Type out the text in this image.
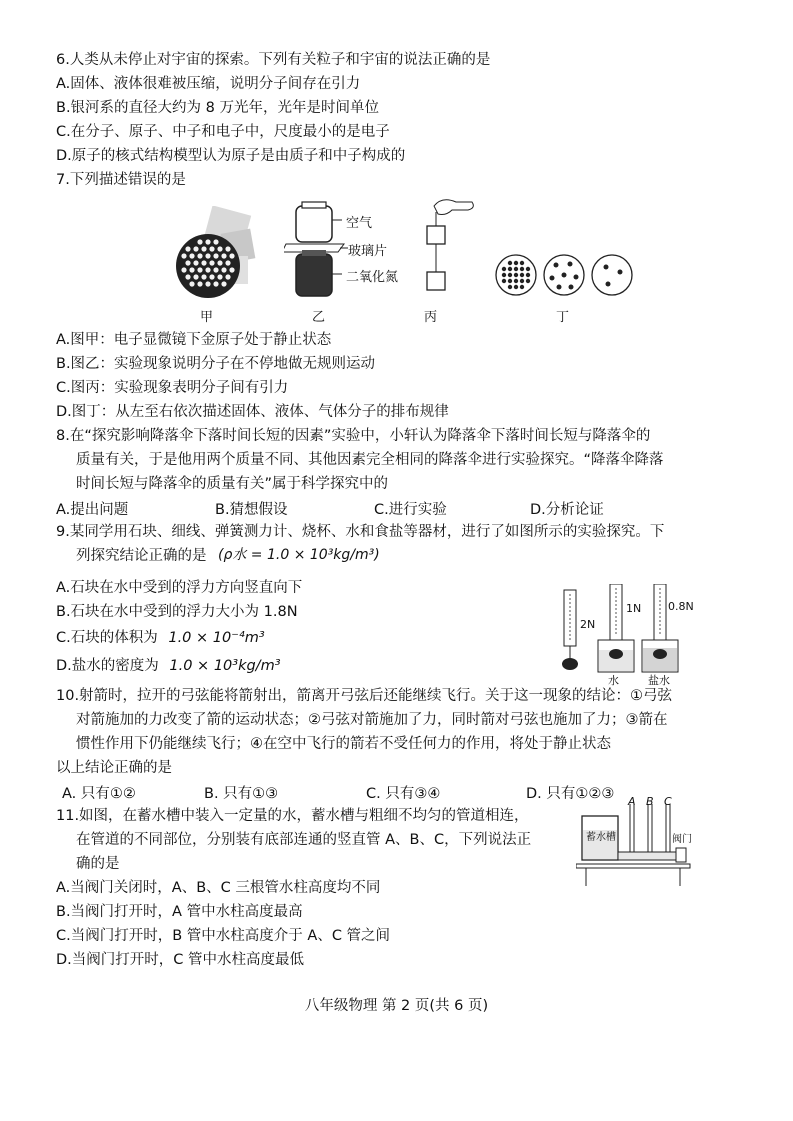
6.人类从未停止对宇宙的探索。下列有关粒子和宇宙的说法正确的是
A.固体、液体很难被压缩，说明分子间存在引力
B.银河系的直径大约为 8 万光年，光年是时间单位
C.在分子、原子、中子和电子中，尺度最小的是电子
D.原子的核式结构模型认为原子是由质子和中子构成的
7.下列描述错误的是
甲
空气
玻璃片
二氧化氮
乙	丙	丁
A.图甲：电子显微镜下金原子处于静止状态
B.图乙：实验现象说明分子在不停地做无规则运动
C.图丙：实验现象表明分子间有引力
D.图丁：从左至右依次描述固体、液体、气体分子的排布规律
8.在“探究影响降落伞下落时间长短的因素”实验中，小轩认为降落伞下落时间长短与降落伞的
质量有关，于是他用两个质量不同、其他因素完全相同的降落伞进行实验探究。“降落伞降落
时间长短与降落伞的质量有关”属于科学探究中的
A.提出问题	B.猜想假设	C.进行实验	D.分析论证
9.某同学用石块、细线、弹簧测力计、烧杯、水和食盐等器材，进行了如图所示的实验探究。下
列探究结论正确的是 (ρ水 = 1.0 × 10³kg/m³)
A.石块在水中受到的浮力方向竖直向下
B.石块在水中受到的浮力大小为 1.8N
C.石块的体积为 1.0 × 10⁻⁴m³
D.盐水的密度为 1.0 × 10³kg/m³
2N
1N 0.8N
水	盐水
10.射箭时，拉开的弓弦能将箭射出，箭离开弓弦后还能继续飞行。关于这一现象的结论：①弓弦
对箭施加的力改变了箭的运动状态；②弓弦对箭施加了力，同时箭对弓弦也施加了力；③箭在
惯性作用下仍能继续飞行；④在空中飞行的箭若不受任何力的作用，将处于静止状态
以上结论正确的是
A. 只有①②	B. 只有①③	C. 只有③④	D. 只有①②③
11.如图，在蓄水槽中装入一定量的水，蓄水槽与粗细不均匀的管道相连，
在管道的不同部位，分别装有底部连通的竖直管 A、B、C，下列说法正
确的是
A B C
蓄水槽	阀门
A.当阀门关闭时，A、B、C 三根管水柱高度均不同
B.当阀门打开时，A 管中水柱高度最高
C.当阀门打开时，B 管中水柱高度介于 A、C 管之间
D.当阀门打开时，C 管中水柱高度最低
八年级物理 第 2 页(共 6 页)
